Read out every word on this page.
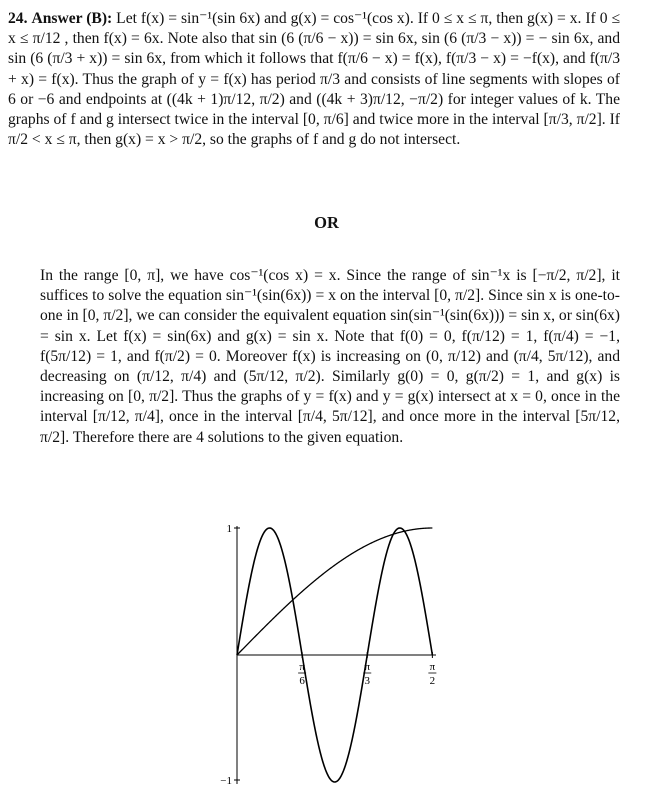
24. Answer (B): Let f(x) = sin⁻¹(sin 6x) and g(x) = cos⁻¹(cos x). If 0 ≤ x ≤ π, then g(x) = x. If 0 ≤ x ≤ π/12 , then f(x) = 6x. Note also that sin (6 (π/6 − x)) = sin 6x, sin (6 (π/3 − x)) = − sin 6x, and sin (6 (π/3 + x)) = sin 6x, from which it follows that f(π/6 − x) = f(x), f(π/3 − x) = −f(x), and f(π/3 + x) = f(x). Thus the graph of y = f(x) has period π/3 and consists of line segments with slopes of 6 or −6 and endpoints at ((4k + 1)π/12, π/2) and ((4k + 3)π/12, −π/2) for integer values of k. The graphs of f and g intersect twice in the interval [0, π/6] and twice more in the interval [π/3, π/2]. If π/2 < x ≤ π, then g(x) = x > π/2, so the graphs of f and g do not intersect.

OR

In the range [0, π], we have cos⁻¹(cos x) = x. Since the range of sin⁻¹x is [−π/2, π/2], it suffices to solve the equation sin⁻¹(sin(6x)) = x on the interval [0, π/2]. Since sin x is one-to-one in [0, π/2], we can consider the equivalent equation sin(sin⁻¹(sin(6x))) = sin x, or sin(6x) = sin x. Let f(x) = sin(6x) and g(x) = sin x. Note that f(0) = 0, f(π/12) = 1, f(π/4) = −1, f(5π/12) = 1, and f(π/2) = 0. Moreover f(x) is increasing on (0, π/12) and (π/4, 5π/12), and decreasing on (π/12, π/4) and (5π/12, π/2). Similarly g(0) = 0, g(π/2) = 1, and g(x) is increasing on [0, π/2]. Thus the graphs of y = f(x) and y = g(x) intersect at x = 0, once in the interval [π/12, π/4], once in the interval [π/4, 5π/12], and once more in the interval [5π/12, π/2]. Therefore there are 4 solutions to the given equation.

1
−1
π
6
π
3
π
2
